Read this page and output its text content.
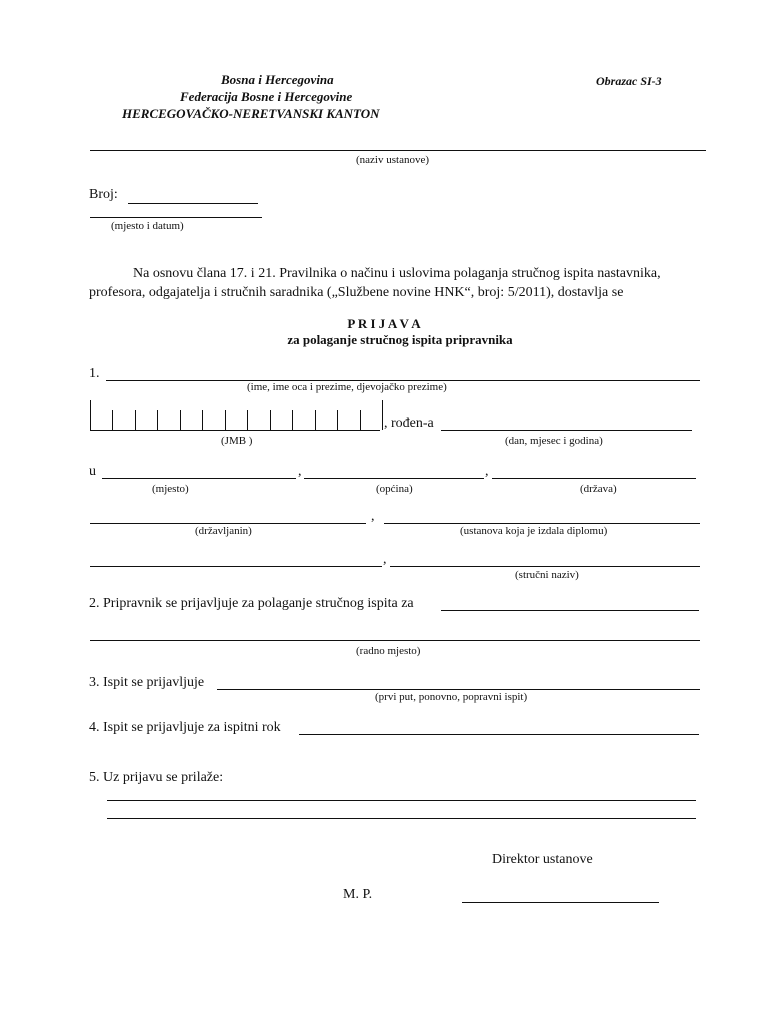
Bosna i Hercegovina
Federacija Bosne i Hercegovine
HERCEGOVAČKO-NERETVANSKI KANTON
Obrazac SI-3
(naziv ustanove)
Broj:
(mjesto i datum)
Na osnovu člana 17. i 21. Pravilnika o načinu i uslovima polaganja stručnog ispita nastavnika,
profesora, odgajatelja i stručnih saradnika („Službene novine HNK“, broj: 5/2011), dostavlja se
P R I J A V A
za polaganje stručnog ispita pripravnika
1.
(ime, ime oca i prezime, djevojačko prezime)
(JMB )
, rođen-a
(dan, mjesec i godina)
u	,	,
(mjesto)	(općina)	(država)
,
(državljanin)	(ustanova koja je izdala diplomu)
,
(stručni naziv)
2. Pripravnik se prijavljuje za polaganje stručnog ispita za
(radno mjesto)
3. Ispit se prijavljuje
(prvi put, ponovno, popravni ispit)
4. Ispit se prijavljuje za ispitni rok
5. Uz prijavu se prilaže:
Direktor ustanove
M. P.
